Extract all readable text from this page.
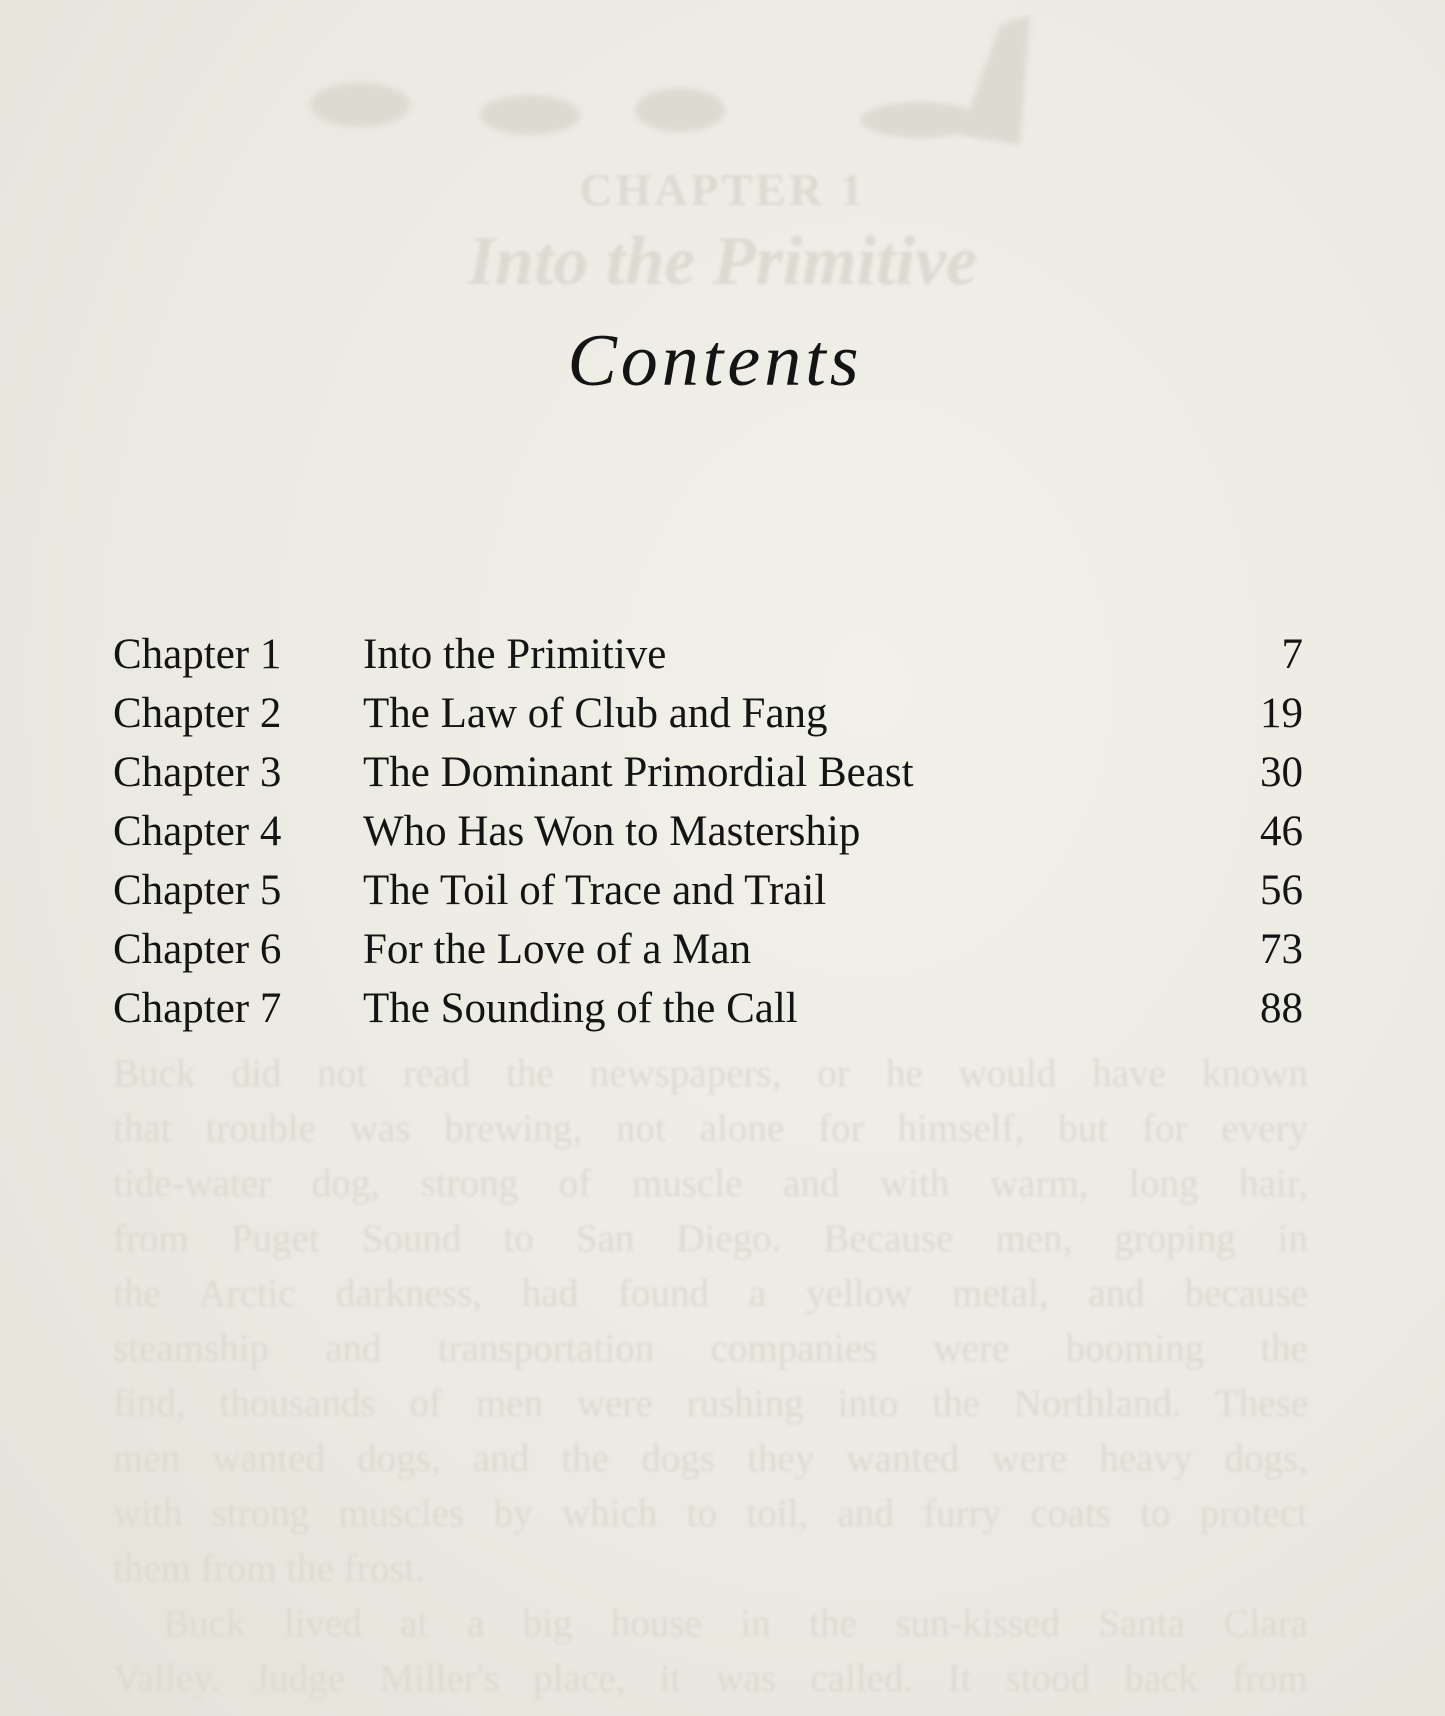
CHAPTER 1
Into the Primitive
Contents
Chapter 1 Into the Primitive	7
Chapter 2 The Law of Club and Fang	19
Chapter 3 The Dominant Primordial Beast	30
Chapter 4 Who Has Won to Mastership	46
Chapter 5 The Toil of Trace and Trail	56
Chapter 6 For the Love of a Man	73
Chapter 7 The Sounding of the Call	88
Buck did not read the newspapers, or he would have known
that trouble was brewing, not alone for himself, but for every
tide-water dog, strong of muscle and with warm, long hair,
from Puget Sound to San Diego. Because men, groping in
the Arctic darkness, had found a yellow metal, and because
steamship and transportation companies were booming the
find, thousands of men were rushing into the Northland. These
men wanted dogs, and the dogs they wanted were heavy dogs,
with strong muscles by which to toil, and furry coats to protect
them from the frost.
Buck lived at a big house in the sun-kissed Santa Clara
Valley. Judge Miller's place, it was called. It stood back from
